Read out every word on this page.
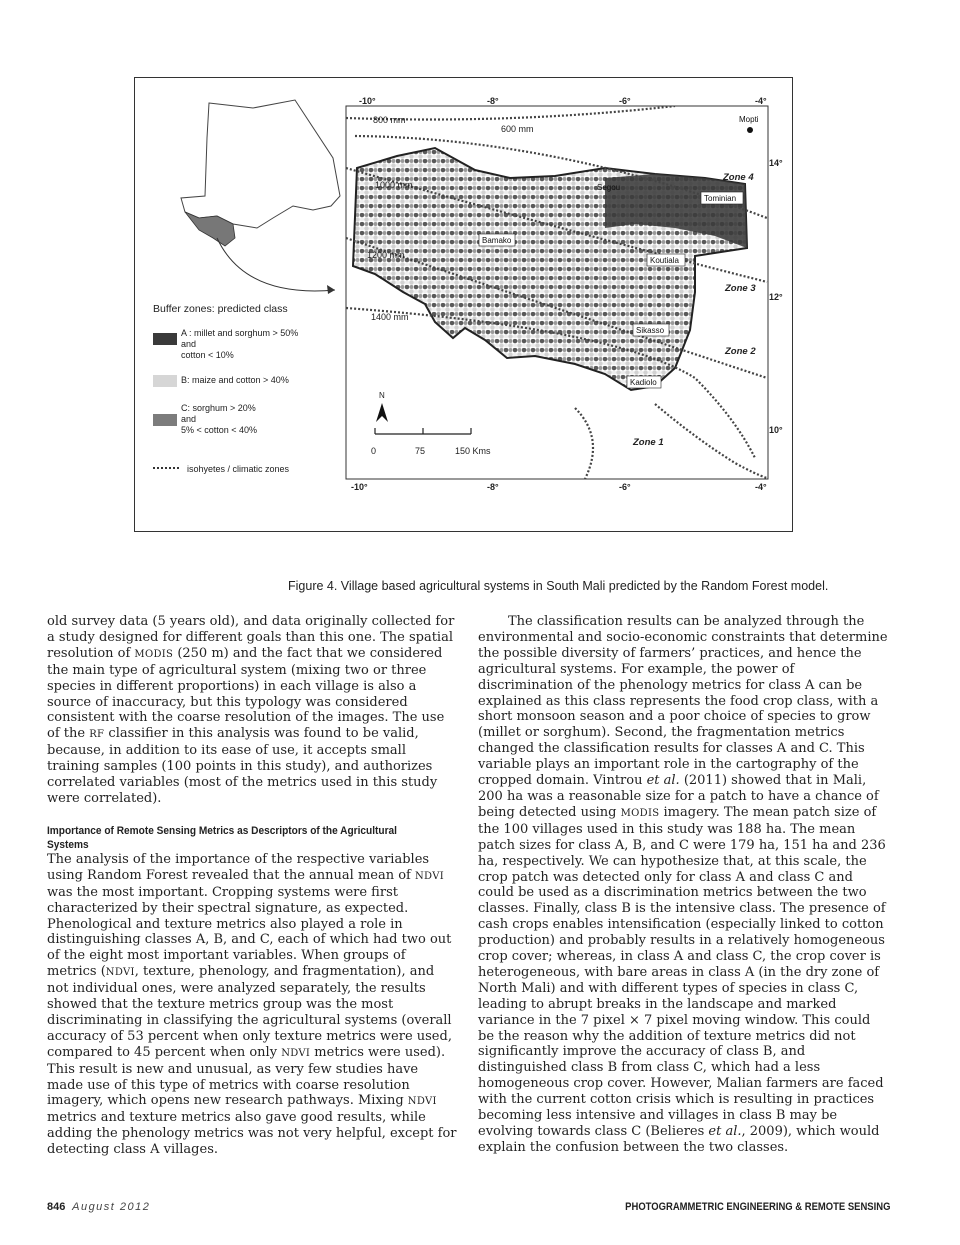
-10°	-8°	-6°	-4°
-10°	-8°	-6°	-4°
14°
12°
10°
800 mm
600 mm
1000 mm
1200 mm
1400 mm
Zone 4
Zone 3
Zone 2
Zone 1
Mopti
Segou
Tominian
Bamako
Koutiala
Sikasso
Kadiolo
Buffer zones: predicted class
A : millet and sorghum > 50%
and
cotton < 10%
B: maize and cotton > 40%
C: sorghum > 20%
and
5% < cotton < 40%
isohyetes / climatic zones
N
0	75	150 Kms
Figure 4. Village based agricultural systems in South Mali predicted by the Random Forest model.

old survey data (5 years old), and data originally collected for a study designed for different goals than this one. The spatial resolution of MODIS (250 m) and the fact that we considered the main type of agricultural system (mixing two or three species in different proportions) in each village is also a source of inaccuracy, but this typology was considered consistent with the coarse resolution of the images. The use of the RF classifier in this analysis was found to be valid, because, in addition to its ease of use, it accepts small training samples (100 points in this study), and authorizes correlated variables (most of the metrics used in this study were correlated).

Importance of Remote Sensing Metrics as Descriptors of the Agricultural Systems

The analysis of the importance of the respective variables using Random Forest revealed that the annual mean of NDVI was the most important. Cropping systems were first characterized by their spectral signature, as expected. Phenological and texture metrics also played a role in distinguishing classes A, B, and C, each of which had two out of the eight most important variables. When groups of metrics (NDVI, texture, phenology, and fragmentation), and not individual ones, were analyzed separately, the results showed that the texture metrics group was the most discriminating in classifying the agricultural systems (overall accuracy of 53 percent when only texture metrics were used, compared to 45 percent when only NDVI metrics were used). This result is new and unusual, as very few studies have made use of this type of metrics with coarse resolution imagery, which opens new research pathways. Mixing NDVI metrics and texture metrics also gave good results, while adding the phenology metrics was not very helpful, except for detecting class A villages.

The classification results can be analyzed through the environmental and socio-economic constraints that determine the possible diversity of farmers’ practices, and hence the agricultural systems. For example, the power of discrimination of the phenology metrics for class A can be explained as this class represents the food crop class, with a short monsoon season and a poor choice of species to grow (millet or sorghum). Second, the fragmentation metrics changed the classification results for classes A and C. This variable plays an important role in the cartography of the cropped domain. Vintrou et al. (2011) showed that in Mali, 200 ha was a reasonable size for a patch to have a chance of being detected using MODIS imagery. The mean patch size of the 100 villages used in this study was 188 ha. The mean patch sizes for class A, B, and C were 179 ha, 151 ha and 236 ha, respectively. We can hypothesize that, at this scale, the crop patch was detected only for class A and class C and could be used as a discrimination metrics between the two classes. Finally, class B is the intensive class. The presence of cash crops enables intensification (especially linked to cotton production) and probably results in a relatively homogeneous crop cover; whereas, in class A and class C, the crop cover is heterogeneous, with bare areas in class A (in the dry zone of North Mali) and with different types of species in class C, leading to abrupt breaks in the landscape and marked variance in the 7 pixel × 7 pixel moving window. This could be the reason why the addition of texture metrics did not significantly improve the accuracy of class B, and distinguished class B from class C, which had a less homogeneous crop cover. However, Malian farmers are faced with the current cotton crisis which is resulting in practices becoming less intensive and villages in class B may be evolving towards class C (Belieres et al., 2009), which would explain the confusion between the two classes.

846 August 2012	PHOTOGRAMMETRIC ENGINEERING & REMOTE SENSING
